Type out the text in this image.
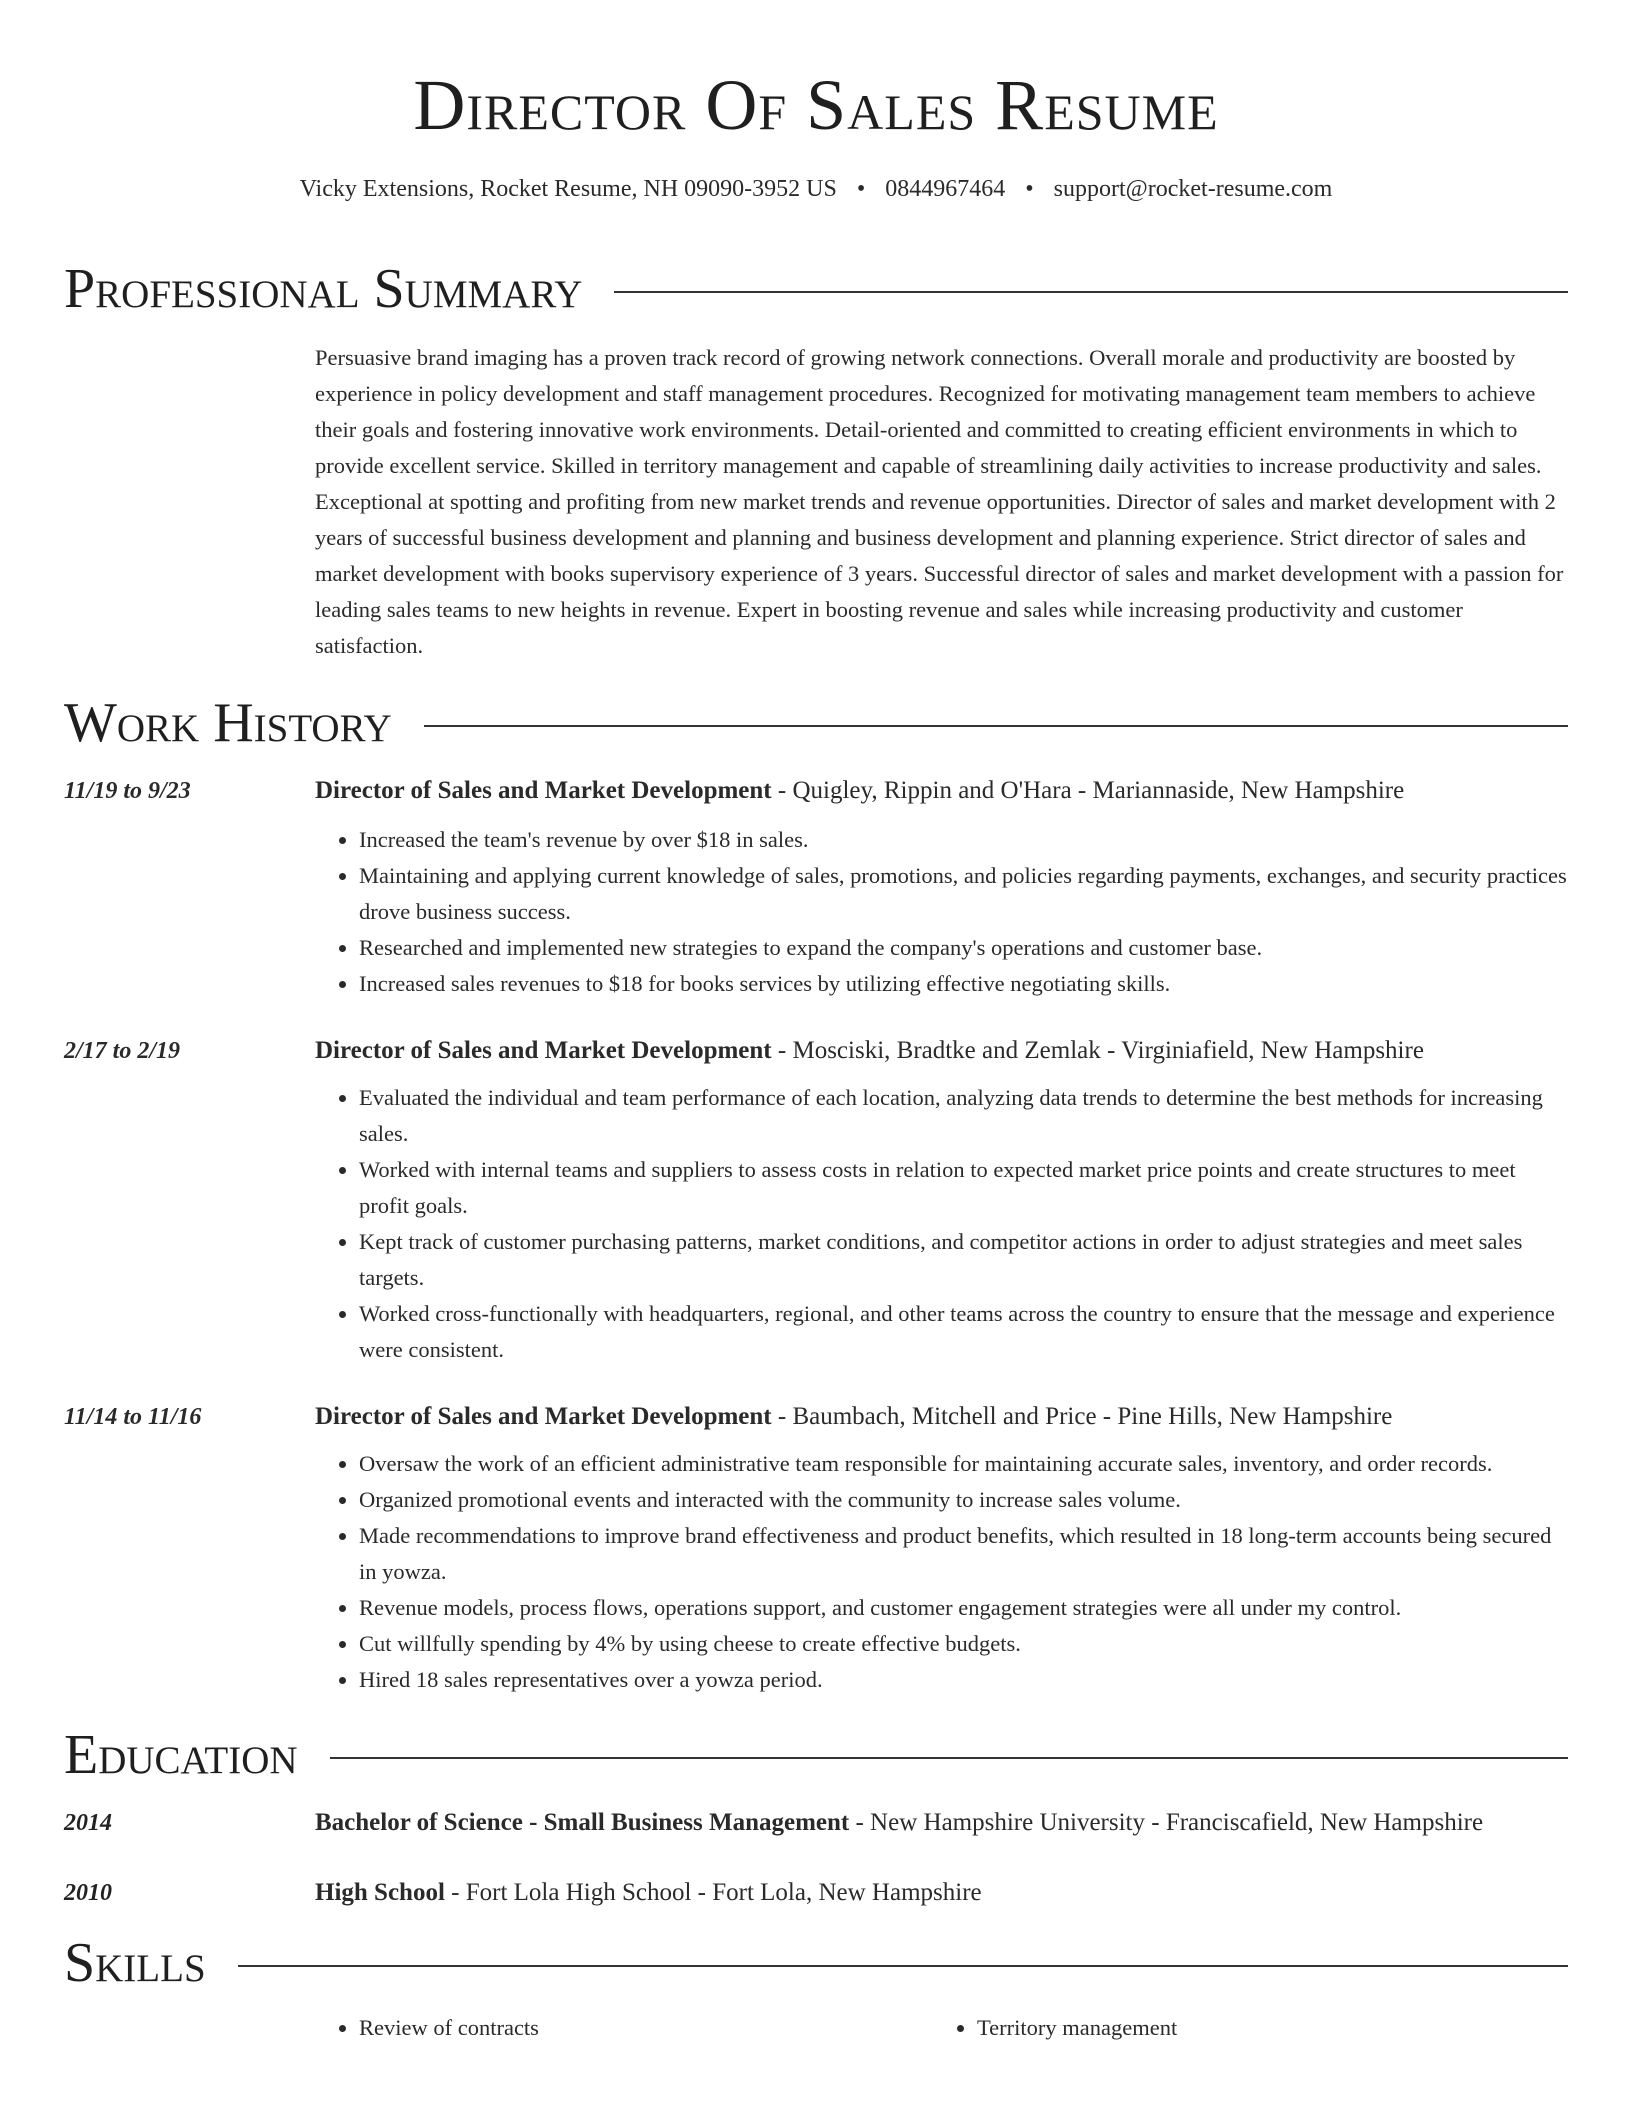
Director Of Sales Resume
Vicky Extensions, Rocket Resume, NH 09090-3952 US • 0844967464 • support@rocket-resume.com
Professional Summary
Persuasive brand imaging has a proven track record of growing network connections. Overall morale and productivity are boosted by experience in policy development and staff management procedures. Recognized for motivating management team members to achieve their goals and fostering innovative work environments. Detail-oriented and committed to creating efficient environments in which to provide excellent service. Skilled in territory management and capable of streamlining daily activities to increase productivity and sales. Exceptional at spotting and profiting from new market trends and revenue opportunities. Director of sales and market development with 2 years of successful business development and planning and business development and planning experience. Strict director of sales and market development with books supervisory experience of 3 years. Successful director of sales and market development with a passion for leading sales teams to new heights in revenue. Expert in boosting revenue and sales while increasing productivity and customer satisfaction.
Work History
11/19 to 9/23	Director of Sales and Market Development - Quigley, Rippin and O'Hara - Mariannaside, New Hampshire
• Increased the team's revenue by over $18 in sales.
• Maintaining and applying current knowledge of sales, promotions, and policies regarding payments, exchanges, and security practices drove business success.
• Researched and implemented new strategies to expand the company's operations and customer base.
• Increased sales revenues to $18 for books services by utilizing effective negotiating skills.
2/17 to 2/19	Director of Sales and Market Development - Mosciski, Bradtke and Zemlak - Virginiafield, New Hampshire
• Evaluated the individual and team performance of each location, analyzing data trends to determine the best methods for increasing sales.
• Worked with internal teams and suppliers to assess costs in relation to expected market price points and create structures to meet profit goals.
• Kept track of customer purchasing patterns, market conditions, and competitor actions in order to adjust strategies and meet sales targets.
• Worked cross-functionally with headquarters, regional, and other teams across the country to ensure that the message and experience were consistent.
11/14 to 11/16	Director of Sales and Market Development - Baumbach, Mitchell and Price - Pine Hills, New Hampshire
• Oversaw the work of an efficient administrative team responsible for maintaining accurate sales, inventory, and order records.
• Organized promotional events and interacted with the community to increase sales volume.
• Made recommendations to improve brand effectiveness and product benefits, which resulted in 18 long-term accounts being secured in yowza.
• Revenue models, process flows, operations support, and customer engagement strategies were all under my control.
• Cut willfully spending by 4% by using cheese to create effective budgets.
• Hired 18 sales representatives over a yowza period.
Education
2014	Bachelor of Science - Small Business Management - New Hampshire University - Franciscafield, New Hampshire
2010	High School - Fort Lola High School - Fort Lola, New Hampshire
Skills
• Review of contracts
•	Territory management
